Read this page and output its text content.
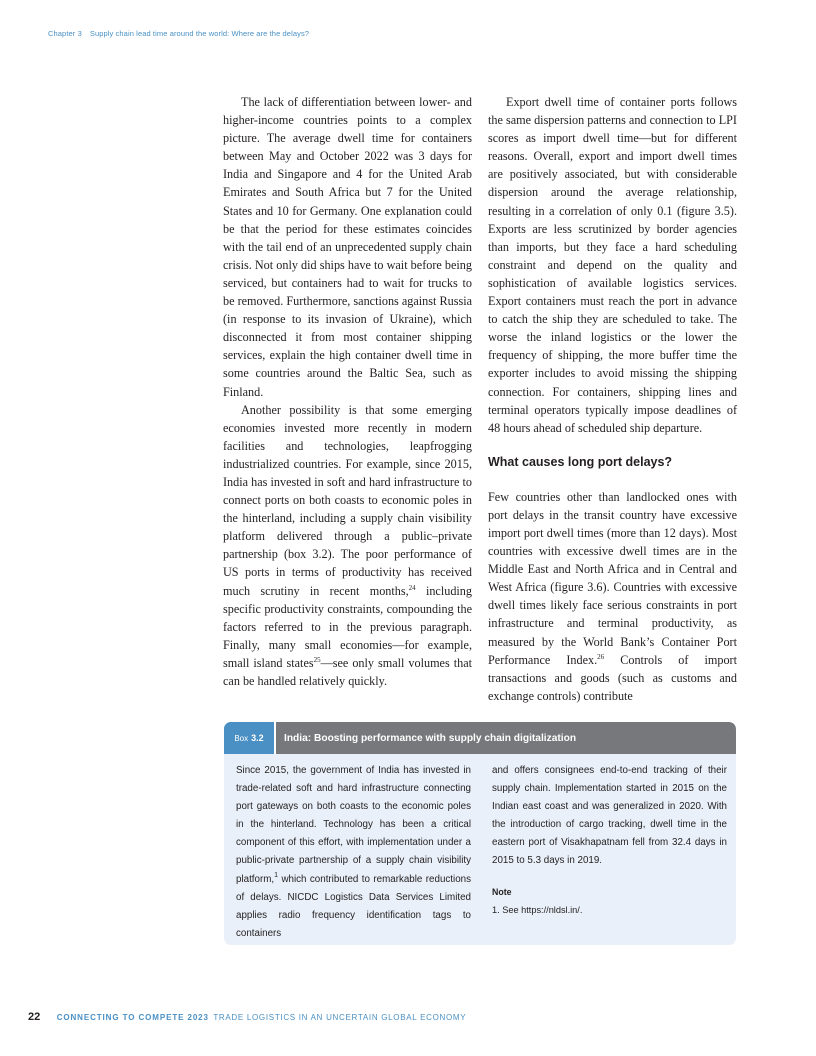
Chapter 3 Supply chain lead time around the world: Where are the delays?

The lack of differentiation between lower- and higher-income countries points to a complex picture. The average dwell time for containers between May and October 2022 was 3 days for India and Singapore and 4 for the United Arab Emirates and South Africa but 7 for the United States and 10 for Germany. One explanation could be that the period for these estimates coincides with the tail end of an unprecedented supply chain crisis. Not only did ships have to wait before being serviced, but containers had to wait for trucks to be removed. Furthermore, sanctions against Russia (in response to its invasion of Ukraine), which disconnected it from most container shipping services, explain the high container dwell time in some countries around the Baltic Sea, such as Finland.

Another possibility is that some emerging economies invested more recently in modern facilities and technologies, leapfrogging industrialized countries. For example, since 2015, India has invested in soft and hard infrastructure to connect ports on both coasts to economic poles in the hinterland, including a supply chain visibility platform delivered through a public–private partnership (box 3.2). The poor performance of US ports in terms of productivity has received much scrutiny in recent months,$^{24}$ including specific productivity constraints, compounding the factors referred to in the previous paragraph. Finally, many small economies—for example, small island states$^{25}$—see only small volumes that can be handled relatively quickly.

Export dwell time of container ports follows the same dispersion patterns and connection to LPI scores as import dwell time—but for different reasons. Overall, export and import dwell times are positively associated, but with considerable dispersion around the average relationship, resulting in a correlation of only 0.1 (figure 3.5). Exports are less scrutinized by border agencies than imports, but they face a hard scheduling constraint and depend on the quality and sophistication of available logistics services. Export containers must reach the port in advance to catch the ship they are scheduled to take. The worse the inland logistics or the lower the frequency of shipping, the more buffer time the exporter includes to avoid missing the shipping connection. For containers, shipping lines and terminal operators typically impose deadlines of 48 hours ahead of scheduled ship departure.

What causes long port delays?

Few countries other than landlocked ones with port delays in the transit country have excessive import port dwell times (more than 12 days). Most countries with excessive dwell times are in the Middle East and North Africa and in Central and West Africa (figure 3.6). Countries with excessive dwell times likely face serious constraints in port infrastructure and terminal productivity, as measured by the World Bank’s Container Port Performance Index.$^{26}$ Controls of import transactions and goods (such as customs and exchange controls) contribute

Box 3.2	India: Boosting performance with supply chain digitalization

Since 2015, the government of India has invested in trade-related soft and hard infrastructure connecting port gateways on both coasts to the economic poles in the hinterland. Technology has been a critical component of this effort, with implementation under a public-private partnership of a supply chain visibility platform,$^1$ which contributed to remarkable reductions of delays. NICDC Logistics Data Services Limited applies radio frequency identification tags to containers

and offers consignees end-to-end tracking of their supply chain. Implementation started in 2015 on the Indian east coast and was generalized in 2020. With the introduction of cargo tracking, dwell time in the eastern port of Visakhapatnam fell from 32.4 days in 2015 to 5.3 days in 2019.

Note
1. See https://nldsl.in/.
22 CONNECTING TO COMPETE 2023 TRADE LOGISTICS IN AN UNCERTAIN GLOBAL ECONOMY
